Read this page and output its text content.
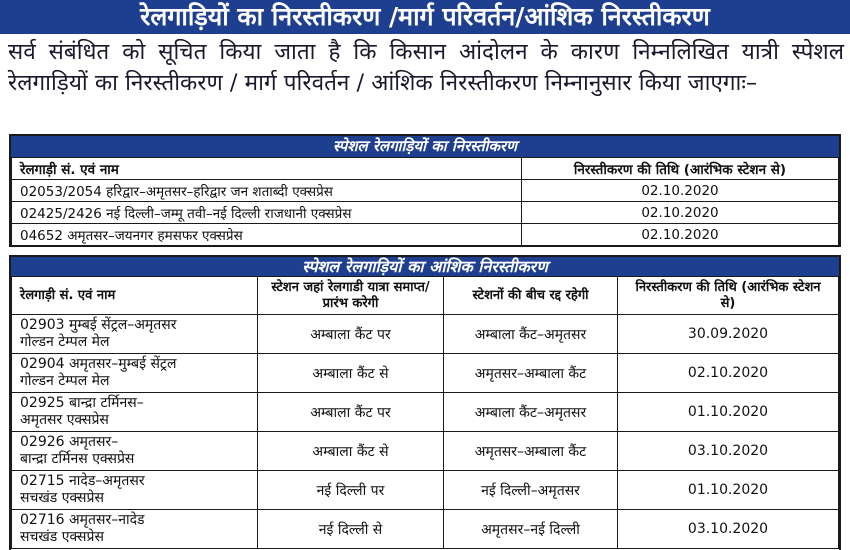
रेलगाड़ियों का निरस्तीकरण /मार्ग परिवर्तन/आंशिक निरस्तीकरण
सर्व संबंधित को सूचित किया जाता है कि किसान आंदोलन के कारण निम्नलिखित यात्री स्पेशल रेलगाड़ियों का निरस्तीकरण / मार्ग परिवर्तन / आंशिक निरस्तीकरण निम्नानुसार किया जाएगाः–
स्पेशल रेलगाड़ियों का निरस्तीकरण
रेलगाड़ी सं. एवं नाम	निरस्तीकरण की तिथि (आरंभिक स्टेशन से)
02053/2054 हरिद्वार–अमृतसर–हरिद्वार जन शताब्दी एक्सप्रेस	02.10.2020
02425/2426 नई दिल्ली–जम्मू तवी–नई दिल्ली राजधानी एक्सप्रेस	02.10.2020
04652 अमृतसर–जयनगर हमसफर एक्सप्रेस	02.10.2020
स्पेशल रेलगाड़ियों का आंशिक निरस्तीकरण
रेलगाड़ी सं. एवं नाम	स्टेशन जहां रेलगाडी यात्रा समाप्त/प्रारंभ करेगी	स्टेशनों की बीच रद्द रहेगी	निरस्तीकरण की तिथि (आरंभिक स्टेशन से)
02903 मुम्बई सेंट्रल–अमृतसर
गोल्डन टेम्पल मेल	अम्बाला कैंट पर	अम्बाला कैंट–अमृतसर	30.09.2020
02904 अमृतसर–मुम्बई सेंट्रल
गोल्डन टेम्पल मेल	अम्बाला कैंट से	अमृतसर–अम्बाला कैंट	02.10.2020
02925 बान्द्रा टर्मिनस–
अमृतसर एक्सप्रेस	अम्बाला कैंट पर	अम्बाला कैंट–अमृतसर	01.10.2020
02926 अमृतसर–
बान्द्रा टर्मिनस एक्सप्रेस	अम्बाला कैंट से	अमृतसर–अम्बाला कैंट	03.10.2020
02715 नादेड–अमृतसर
सचखंड एक्सप्रेस	नई दिल्ली पर	नई दिल्ली–अमृतसर	01.10.2020
02716 अमृतसर–नादेड
सचखंड एक्सप्रेस	नई दिल्ली से	अमृतसर–नई दिल्ली	03.10.2020
